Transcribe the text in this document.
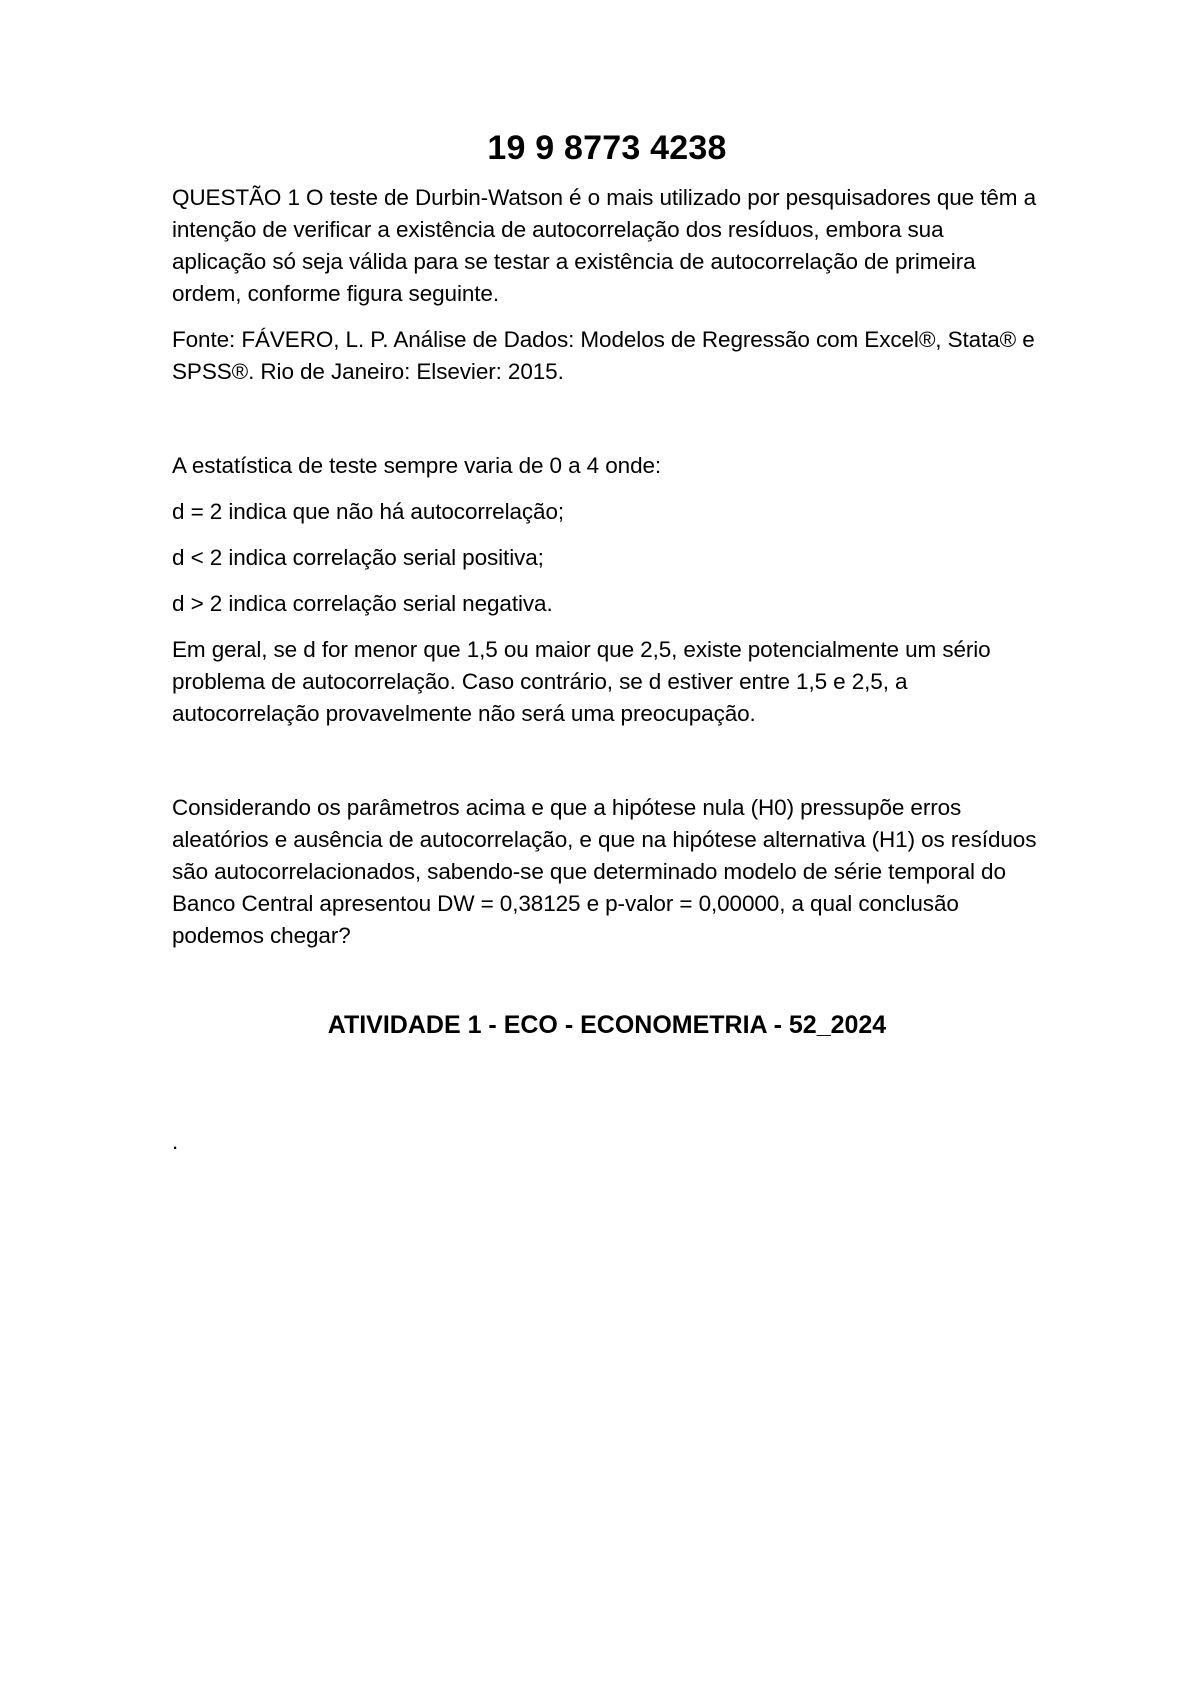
19 9 8773 4238

QUESTÃO 1 O teste de Durbin-Watson é o mais utilizado por pesquisadores que têm a intenção de verificar a existência de autocorrelação dos resíduos, embora sua aplicação só seja válida para se testar a existência de autocorrelação de primeira ordem, conforme figura seguinte.

Fonte: FÁVERO, L. P. Análise de Dados: Modelos de Regressão com Excel®, Stata® e SPSS®. Rio de Janeiro: Elsevier: 2015.

A estatística de teste sempre varia de 0 a 4 onde:

d = 2 indica que não há autocorrelação;

d < 2 indica correlação serial positiva;

d > 2 indica correlação serial negativa.

Em geral, se d for menor que 1,5 ou maior que 2,5, existe potencialmente um sério problema de autocorrelação. Caso contrário, se d estiver entre 1,5 e 2,5, a autocorrelação provavelmente não será uma preocupação.

Considerando os parâmetros acima e que a hipótese nula (H0) pressupõe erros aleatórios e ausência de autocorrelação, e que na hipótese alternativa (H1) os resíduos são autocorrelacionados, sabendo-se que determinado modelo de série temporal do Banco Central apresentou DW = 0,38125 e p-valor = 0,00000, a qual conclusão podemos chegar?

ATIVIDADE 1 - ECO - ECONOMETRIA - 52_2024
.
